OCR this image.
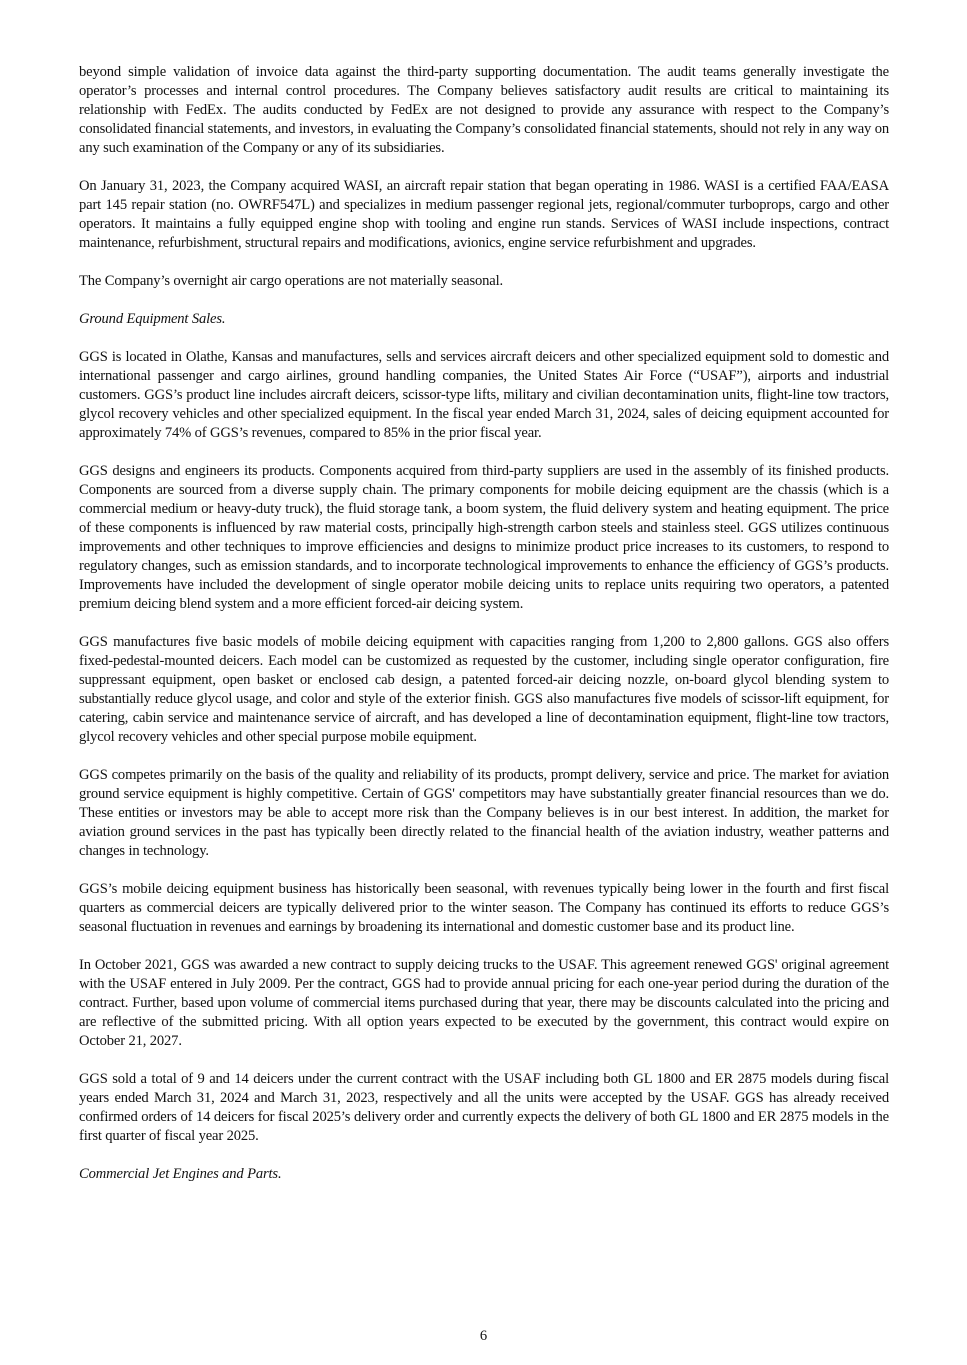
beyond simple validation of invoice data against the third-party supporting documentation. The audit teams generally investigate the operator’s processes and internal control procedures. The Company believes satisfactory audit results are critical to maintaining its relationship with FedEx. The audits conducted by FedEx are not designed to provide any assurance with respect to the Company’s consolidated financial statements, and investors, in evaluating the Company’s consolidated financial statements, should not rely in any way on any such examination of the Company or any of its subsidiaries.

On January 31, 2023, the Company acquired WASI, an aircraft repair station that began operating in 1986. WASI is a certified FAA/EASA part 145 repair station (no. OWRF547L) and specializes in medium passenger regional jets, regional/commuter turboprops, cargo and other operators. It maintains a fully equipped engine shop with tooling and engine run stands. Services of WASI include inspections, contract maintenance, refurbishment, structural repairs and modifications, avionics, engine service refurbishment and upgrades.

The Company’s overnight air cargo operations are not materially seasonal.

Ground Equipment Sales.

GGS is located in Olathe, Kansas and manufactures, sells and services aircraft deicers and other specialized equipment sold to domestic and international passenger and cargo airlines, ground handling companies, the United States Air Force (“USAF”), airports and industrial customers. GGS’s product line includes aircraft deicers, scissor-type lifts, military and civilian decontamination units, flight-line tow tractors, glycol recovery vehicles and other specialized equipment. In the fiscal year ended March 31, 2024, sales of deicing equipment accounted for approximately 74% of GGS’s revenues, compared to 85% in the prior fiscal year.

GGS designs and engineers its products. Components acquired from third-party suppliers are used in the assembly of its finished products. Components are sourced from a diverse supply chain. The primary components for mobile deicing equipment are the chassis (which is a commercial medium or heavy-duty truck), the fluid storage tank, a boom system, the fluid delivery system and heating equipment. The price of these components is influenced by raw material costs, principally high-strength carbon steels and stainless steel. GGS utilizes continuous improvements and other techniques to improve efficiencies and designs to minimize product price increases to its customers, to respond to regulatory changes, such as emission standards, and to incorporate technological improvements to enhance the efficiency of GGS’s products. Improvements have included the development of single operator mobile deicing units to replace units requiring two operators, a patented premium deicing blend system and a more efficient forced-air deicing system.

GGS manufactures five basic models of mobile deicing equipment with capacities ranging from 1,200 to 2,800 gallons. GGS also offers fixed-pedestal-mounted deicers. Each model can be customized as requested by the customer, including single operator configuration, fire suppressant equipment, open basket or enclosed cab design, a patented forced-air deicing nozzle, on-board glycol blending system to substantially reduce glycol usage, and color and style of the exterior finish. GGS also manufactures five models of scissor-lift equipment, for catering, cabin service and maintenance service of aircraft, and has developed a line of decontamination equipment, flight-line tow tractors, glycol recovery vehicles and other special purpose mobile equipment.

GGS competes primarily on the basis of the quality and reliability of its products, prompt delivery, service and price. The market for aviation ground service equipment is highly competitive. Certain of GGS' competitors may have substantially greater financial resources than we do. These entities or investors may be able to accept more risk than the Company believes is in our best interest. In addition, the market for aviation ground services in the past has typically been directly related to the financial health of the aviation industry, weather patterns and changes in technology.

GGS’s mobile deicing equipment business has historically been seasonal, with revenues typically being lower in the fourth and first fiscal quarters as commercial deicers are typically delivered prior to the winter season. The Company has continued its efforts to reduce GGS’s seasonal fluctuation in revenues and earnings by broadening its international and domestic customer base and its product line.

In October 2021, GGS was awarded a new contract to supply deicing trucks to the USAF. This agreement renewed GGS' original agreement with the USAF entered in July 2009. Per the contract, GGS had to provide annual pricing for each one-year period during the duration of the contract. Further, based upon volume of commercial items purchased during that year, there may be discounts calculated into the pricing and are reflective of the submitted pricing. With all option years expected to be executed by the government, this contract would expire on October 21, 2027.

GGS sold a total of 9 and 14 deicers under the current contract with the USAF including both GL 1800 and ER 2875 models during fiscal years ended March 31, 2024 and March 31, 2023, respectively and all the units were accepted by the USAF. GGS has already received confirmed orders of 14 deicers for fiscal 2025’s delivery order and currently expects the delivery of both GL 1800 and ER 2875 models in the first quarter of fiscal year 2025.

Commercial Jet Engines and Parts.

6
